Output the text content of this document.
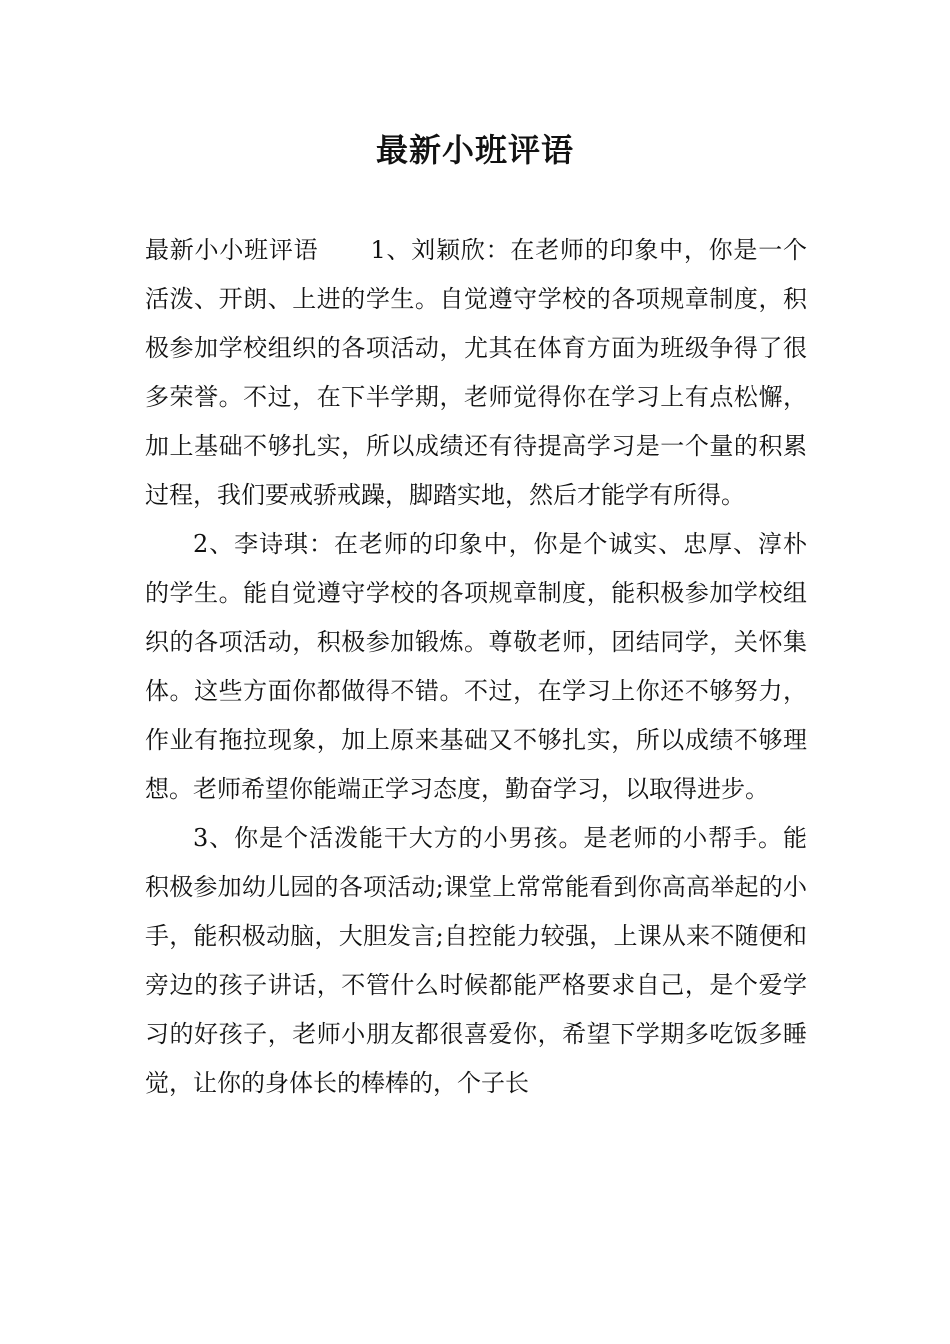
最新小班评语

最新小小班评语 1、刘颖欣：在老师的印象中，你是一个活泼、开朗、上进的学生。自觉遵守学校的各项规章制度，积极参加学校组织的各项活动，尤其在体育方面为班级争得了很多荣誉。不过，在下半学期，老师觉得你在学习上有点松懈，加上基础不够扎实，所以成绩还有待提高学习是一个量的积累过程，我们要戒骄戒躁，脚踏实地，然后才能学有所得。

2、李诗琪：在老师的印象中，你是个诚实、忠厚、淳朴的学生。能自觉遵守学校的各项规章制度，能积极参加学校组织的各项活动，积极参加锻炼。尊敬老师，团结同学，关怀集体。这些方面你都做得不错。不过，在学习上你还不够努力，作业有拖拉现象，加上原来基础又不够扎实，所以成绩不够理想。老师希望你能端正学习态度，勤奋学习，以取得进步。

3、你是个活泼能干大方的小男孩。是老师的小帮手。能积极参加幼儿园的各项活动;课堂上常常能看到你高高举起的小手，能积极动脑，大胆发言;自控能力较强，上课从来不随便和旁边的孩子讲话，不管什么时候都能严格要求自己，是个爱学习的好孩子，老师小朋友都很喜爱你，希望下学期多吃饭多睡觉，让你的身体长的棒棒的，个子长
